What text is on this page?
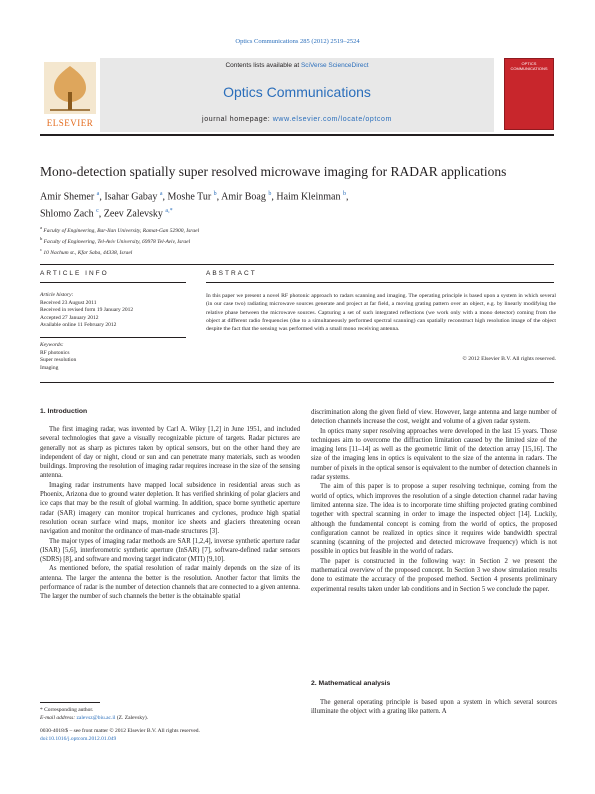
Optics Communications 285 (2012) 2519–2524
ELSEVIER
Contents lists available at SciVerse ScienceDirect
Optics Communications
journal homepage: www.elsevier.com/locate/optcom
OPTICS COMMUNICATIONS
Mono-detection spatially super resolved microwave imaging for RADAR applications
Amir Shemer $^a$, Isahar Gabay $^a$, Moshe Tur $^b$, Amir Boag $^b$, Haim Kleinman $^b$,
Shlomo Zach $^c$, Zeev Zalevsky $^{a,*}$
$^a$ Faculty of Engineering, Bar-Ilan University, Ramat-Gan 52900, Israel
$^b$ Faculty of Engineering, Tel-Aviv University, 69978 Tel-Aviv, Israel
$^c$ 10 Nachum st., Kfar Saba, 44338, Israel
ARTICLE INFO
Article history:
Received 23 August 2011
Received in revised form 19 January 2012
Accepted 27 January 2012
Available online 11 February 2012
Keywords:
RF photonics
Super resolution
Imaging
ABSTRACT
In this paper we present a novel RF photonic approach to radars scanning and imaging. The operating principle is based upon a system in which several (in our case two) radiating microwave sources generate and project at far field, a moving grating pattern over an object, e.g. by linearly modifying the relative phase between the microwave sources. Capturing a set of such integrated reflections (we work only with a mono detector) coming from the object at different radio frequencies (due to a simultaneously performed spectral scanning) can spatially reconstruct high resolution image of the object despite the fact that the sensing was performed with a small mono receiving antenna.
© 2012 Elsevier B.V. All rights reserved.
1. Introduction

The first imaging radar, was invented by Carl A. Wiley [1,2] in June 1951, and included several technologies that gave a visually recognizable picture of targets. Radar pictures are generally not as sharp as pictures taken by optical sensors, but on the other hand they are independent of day or night, cloud or sun and can penetrate many materials, such as wooden buildings. Improving the resolution of imaging radar requires increase in the size of the sensing antenna.

Imaging radar instruments have mapped local subsidence in residential areas such as Phoenix, Arizona due to ground water depletion. It has verified shrinking of polar glaciers and ice caps that may be the result of global warming. In addition, space borne synthetic aperture radar (SAR) imagery can monitor tropical hurricanes and cyclones, produce high spatial resolution ocean surface wind maps, monitor ice sheets and glaciers threatening ocean navigation and monitor the ordinance of man-made structures [3].

The major types of imaging radar methods are SAR [1,2,4], inverse synthetic aperture radar (ISAR) [5,6], interferometric synthetic aperture (InSAR) [7], software-defined radar sensors (SDRS) [8], and software and moving target indicator (MTI) [9,10].

As mentioned before, the spatial resolution of radar mainly depends on the size of its antenna. The larger the antenna the better is the resolution. Another factor that limits the performance of radar is the number of detection channels that are connected to a given antenna. The larger the number of such channels the better is the obtainable spatial

discrimination along the given field of view. However, large antenna and large number of detection channels increase the cost, weight and volume of a given radar system.

In optics many super resolving approaches were developed in the last 15 years. Those techniques aim to overcome the diffraction limitation caused by the limited size of the imaging lens [11–14] as well as the geometric limit of the detection array [15,16]. The size of the imaging lens in optics is equivalent to the size of the antenna in radars. The number of pixels in the optical sensor is equivalent to the number of detection channels in radar systems.

The aim of this paper is to propose a super resolving technique, coming from the world of optics, which improves the resolution of a single detection channel radar having limited antenna size. The idea is to incorporate time shifting projected grating combined together with spectral scanning in order to image the inspected object [14]. Luckily, although the fundamental concept is coming from the world of optics, the proposed configuration cannot be realized in optics since it requires wide bandwidth spectral scanning (scanning of the projected and detected microwave frequency) which is not possible in optics but feasible in the world of radars.

The paper is constructed in the following way: in Section 2 we present the mathematical overview of the proposed concept. In Section 3 we show simulation results done to estimate the accuracy of the proposed method. Section 4 presents preliminary experimental results taken under lab conditions and in Section 5 we conclude the paper.

2. Mathematical analysis

The general operating principle is based upon a system in which several sources illuminate the object with a grating like pattern. A

* Corresponding author.
E-mail address: zalevsz@biu.ac.il (Z. Zalevsky).
0030-4018/$ – see front matter © 2012 Elsevier B.V. All rights reserved.
doi:10.1016/j.optcom.2012.01.049
